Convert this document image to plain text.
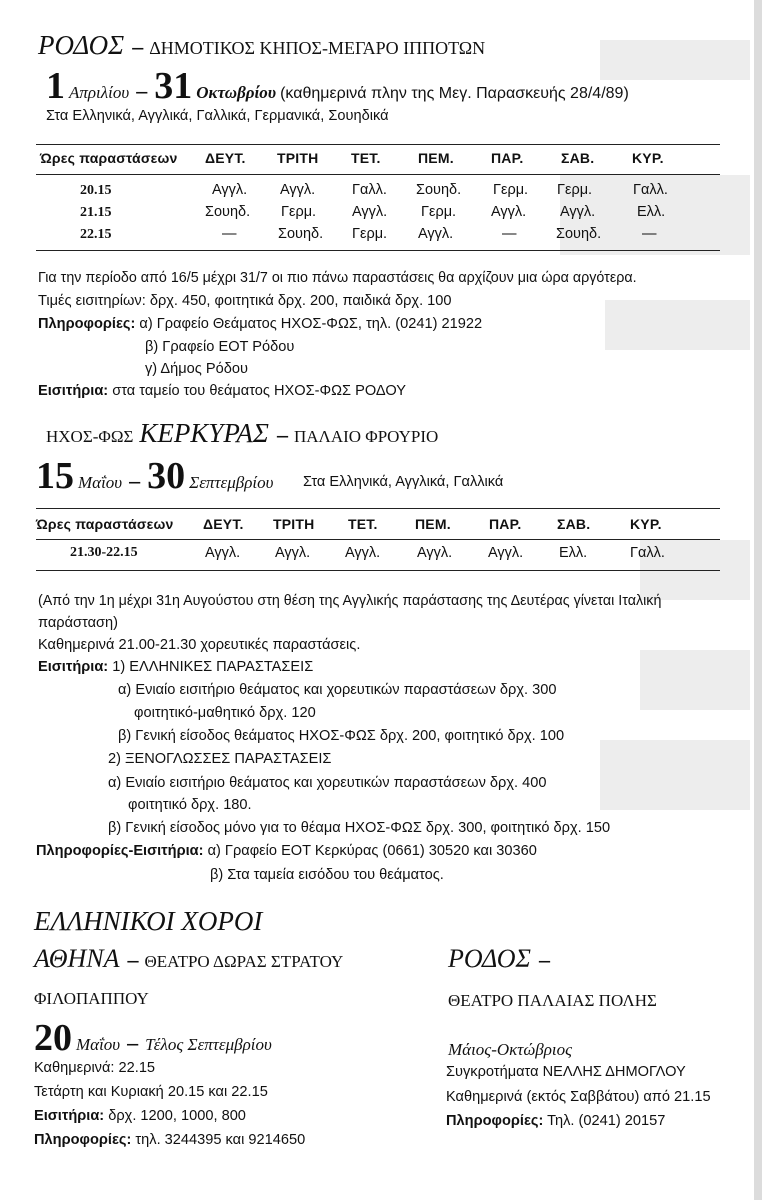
ΡΟΔΟΣ – ΔΗΜΟΤΙΚΟΣ ΚΗΠΟΣ-ΜΕΓΑΡΟ ΙΠΠΟΤΩΝ
1 Απριλίου – 31 Οκτωβρίου (καθημερινά πλην της Μεγ. Παρασκευής 28/4/89)
Στα Ελληνικά, Αγγλικά, Γαλλικά, Γερμανικά, Σουηδικά
Ώρες παραστάσεων ΔΕΥΤ. ΤΡΙΤΗ ΤΕΤ.	ΠΕΜ.	ΠΑΡ.	ΣΑΒ.	ΚΥΡ.
20.15	Αγγλ. Αγγλ.	Γαλλ. Σουηδ. Γερμ. Γερμ.	Γαλλ.
21.15	Σουηδ. Γερμ. Αγγλ. Γερμ. Αγγλ. Αγγλ.	Ελλ.
22.15	—	Σουηδ. Γερμ. Αγγλ.	—	Σουηδ.	—
Για την περίοδο από 16/5 μέχρι 31/7 οι πιο πάνω παραστάσεις θα αρχίζουν μια ώρα αργότερα.
Τιμές εισιτηρίων: δρχ. 450, φοιτητικά δρχ. 200, παιδικά δρχ. 100
Πληροφορίες: α) Γραφείο Θεάματος ΗΧΟΣ-ΦΩΣ, τηλ. (0241) 21922
β) Γραφείο ΕΟΤ Ρόδου
γ) Δήμος Ρόδου
Εισιτήρια: στα ταμείο του θεάματος ΗΧΟΣ-ΦΩΣ ΡΟΔΟΥ
ΗΧΟΣ-ΦΩΣ ΚΕΡΚΥΡΑΣ – ΠΑΛΑΙΟ ΦΡΟΥΡΙΟ
15 Μαΐου – 30 Σεπτεμβρίου Στα Ελληνικά, Αγγλικά, Γαλλικά
Ώρες παραστάσεων ΔΕΥΤ. ΤΡΙΤΗ ΤΕΤ.	ΠΕΜ.	ΠΑΡ.	ΣΑΒ.	ΚΥΡ.
21.30-22.15	Αγγλ. Αγγλ. Αγγλ.	Αγγλ. Αγγλ. Ελλ.	Γαλλ.
(Από την 1η μέχρι 31η Αυγούστου στη θέση της Αγγλικής παράστασης της Δευτέρας γίνεται Ιταλική
παράσταση)
Καθημερινά 21.00-21.30 χορευτικές παραστάσεις.
Εισιτήρια: 1) ΕΛΛΗΝΙΚΕΣ ΠΑΡΑΣΤΑΣΕΙΣ
α) Ενιαίο εισιτήριο θεάματος και χορευτικών παραστάσεων δρχ. 300
φοιτητικό-μαθητικό δρχ. 120
β) Γενική είσοδος θεάματος ΗΧΟΣ-ΦΩΣ δρχ. 200, φοιτητικό δρχ. 100
2) ΞΕΝΟΓΛΩΣΣΕΣ ΠΑΡΑΣΤΑΣΕΙΣ
α) Ενιαίο εισιτήριο θεάματος και χορευτικών παραστάσεων δρχ. 400
φοιτητικό δρχ. 180.
β) Γενική είσοδος μόνο για το θέαμα ΗΧΟΣ-ΦΩΣ δρχ. 300, φοιτητικό δρχ. 150
Πληροφορίες-Εισιτήρια: α) Γραφείο ΕΟΤ Κερκύρας (0661) 30520 και 30360
β) Στα ταμεία εισόδου του θεάματος.
ΕΛΛΗΝΙΚΟΙ ΧΟΡΟΙ
ΑΘΗΝΑ – ΘΕΑΤΡΟ ΔΩΡΑΣ ΣΤΡΑΤΟΥ
ΦΙΛΟΠΑΠΠΟΥ
20 Μαΐου – Τέλος Σεπτεμβρίου
Καθημερινά: 22.15
Τετάρτη και Κυριακή 20.15 και 22.15
Εισιτήρια: δρχ. 1200, 1000, 800
Πληροφορίες: τηλ. 3244395 και 9214650
ΡΟΔΟΣ –
ΘΕΑΤΡΟ ΠΑΛΑΙΑΣ ΠΟΛΗΣ
Μάιος-Οκτώβριος
Συγκροτήματα ΝΕΛΛΗΣ ΔΗΜΟΓΛΟΥ
Καθημερινά (εκτός Σαββάτου) από 21.15
Πληροφορίες: Τηλ. (0241) 20157
